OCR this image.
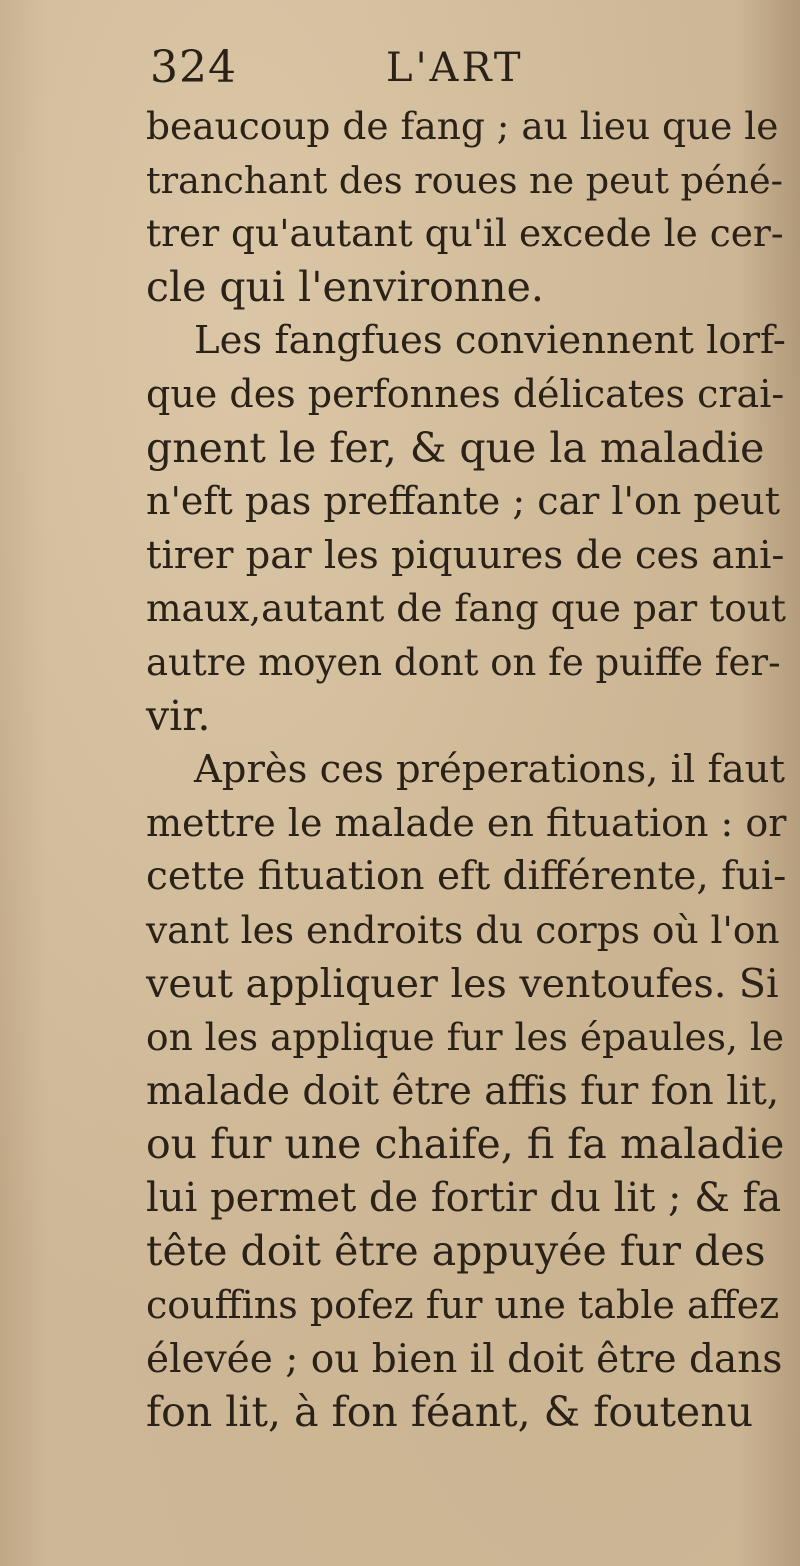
324	L'ART
beaucoup de fang ; au lieu que le
tranchant des roues ne peut péné-
trer qu'autant qu'il excede le cer-
cle qui l'environne.
Les fangfues conviennent lorf-
que des perfonnes délicates crai-
gnent le fer, & que la maladie
n'eft pas preffante ; car l'on peut
tirer par les piquures de ces ani-
maux,autant de fang que par tout
autre moyen dont on fe puiffe fer-
vir.
Après ces préperations, il faut
mettre le malade en fituation : or
cette fituation eft différente, fui-
vant les endroits du corps où l'on
veut appliquer les ventoufes. Si
on les applique fur les épaules, le
malade doit être affis fur fon lit,
ou fur une chaife, fi fa maladie
lui permet de fortir du lit ; & fa
tête doit être appuyée fur des
couffins pofez fur une table affez
élevée ; ou bien il doit être dans
fon lit, à fon féant, & foutenu
